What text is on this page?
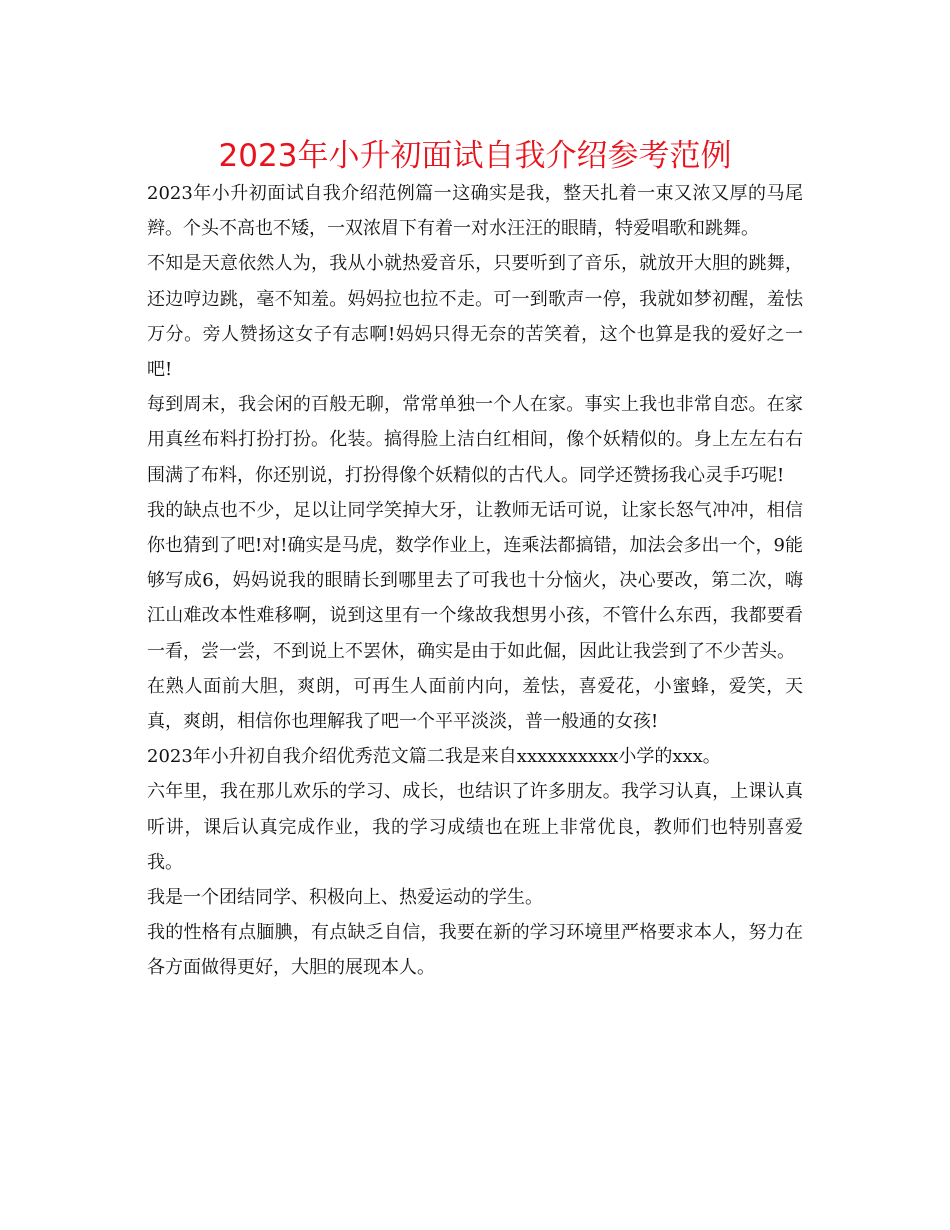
2023年小升初面试自我介绍参考范例

2023年小升初面试自我介绍范例篇一这确实是我，整天扎着一束又浓又厚的马尾辫。个头不高也不矮，一双浓眉下有着一对水汪汪的眼睛，特爱唱歌和跳舞。

不知是天意依然人为，我从小就热爱音乐，只要听到了音乐，就放开大胆的跳舞，还边哼边跳，毫不知羞。妈妈拉也拉不走。可一到歌声一停，我就如梦初醒，羞怯万分。旁人赞扬这女子有志啊!妈妈只得无奈的苦笑着，这个也算是我的爱好之一吧!

每到周末，我会闲的百般无聊，常常单独一个人在家。事实上我也非常自恋。在家用真丝布料打扮打扮。化装。搞得脸上洁白红相间，像个妖精似的。身上左左右右围满了布料，你还别说，打扮得像个妖精似的古代人。同学还赞扬我心灵手巧呢!

我的缺点也不少，足以让同学笑掉大牙，让教师无话可说，让家长怒气冲冲，相信你也猜到了吧!对!确实是马虎，数学作业上，连乘法都搞错，加法会多出一个，9能够写成6，妈妈说我的眼睛长到哪里去了可我也十分恼火，决心要改，第二次，嗨江山难改本性难移啊，说到这里有一个缘故我想男小孩，不管什么东西，我都要看一看，尝一尝，不到说上不罢休，确实是由于如此倔，因此让我尝到了不少苦头。

在熟人面前大胆，爽朗，可再生人面前内向，羞怯，喜爱花，小蜜蜂，爱笑，天真，爽朗，相信你也理解我了吧一个平平淡淡，普一般通的女孩!

2023年小升初自我介绍优秀范文篇二我是来自xxxxxxxxxx小学的xxx。

六年里，我在那儿欢乐的学习、成长，也结识了许多朋友。我学习认真，上课认真听讲，课后认真完成作业，我的学习成绩也在班上非常优良，教师们也特别喜爱我。

我是一个团结同学、积极向上、热爱运动的学生。

我的性格有点腼腆，有点缺乏自信，我要在新的学习环境里严格要求本人，努力在各方面做得更好，大胆的展现本人。
